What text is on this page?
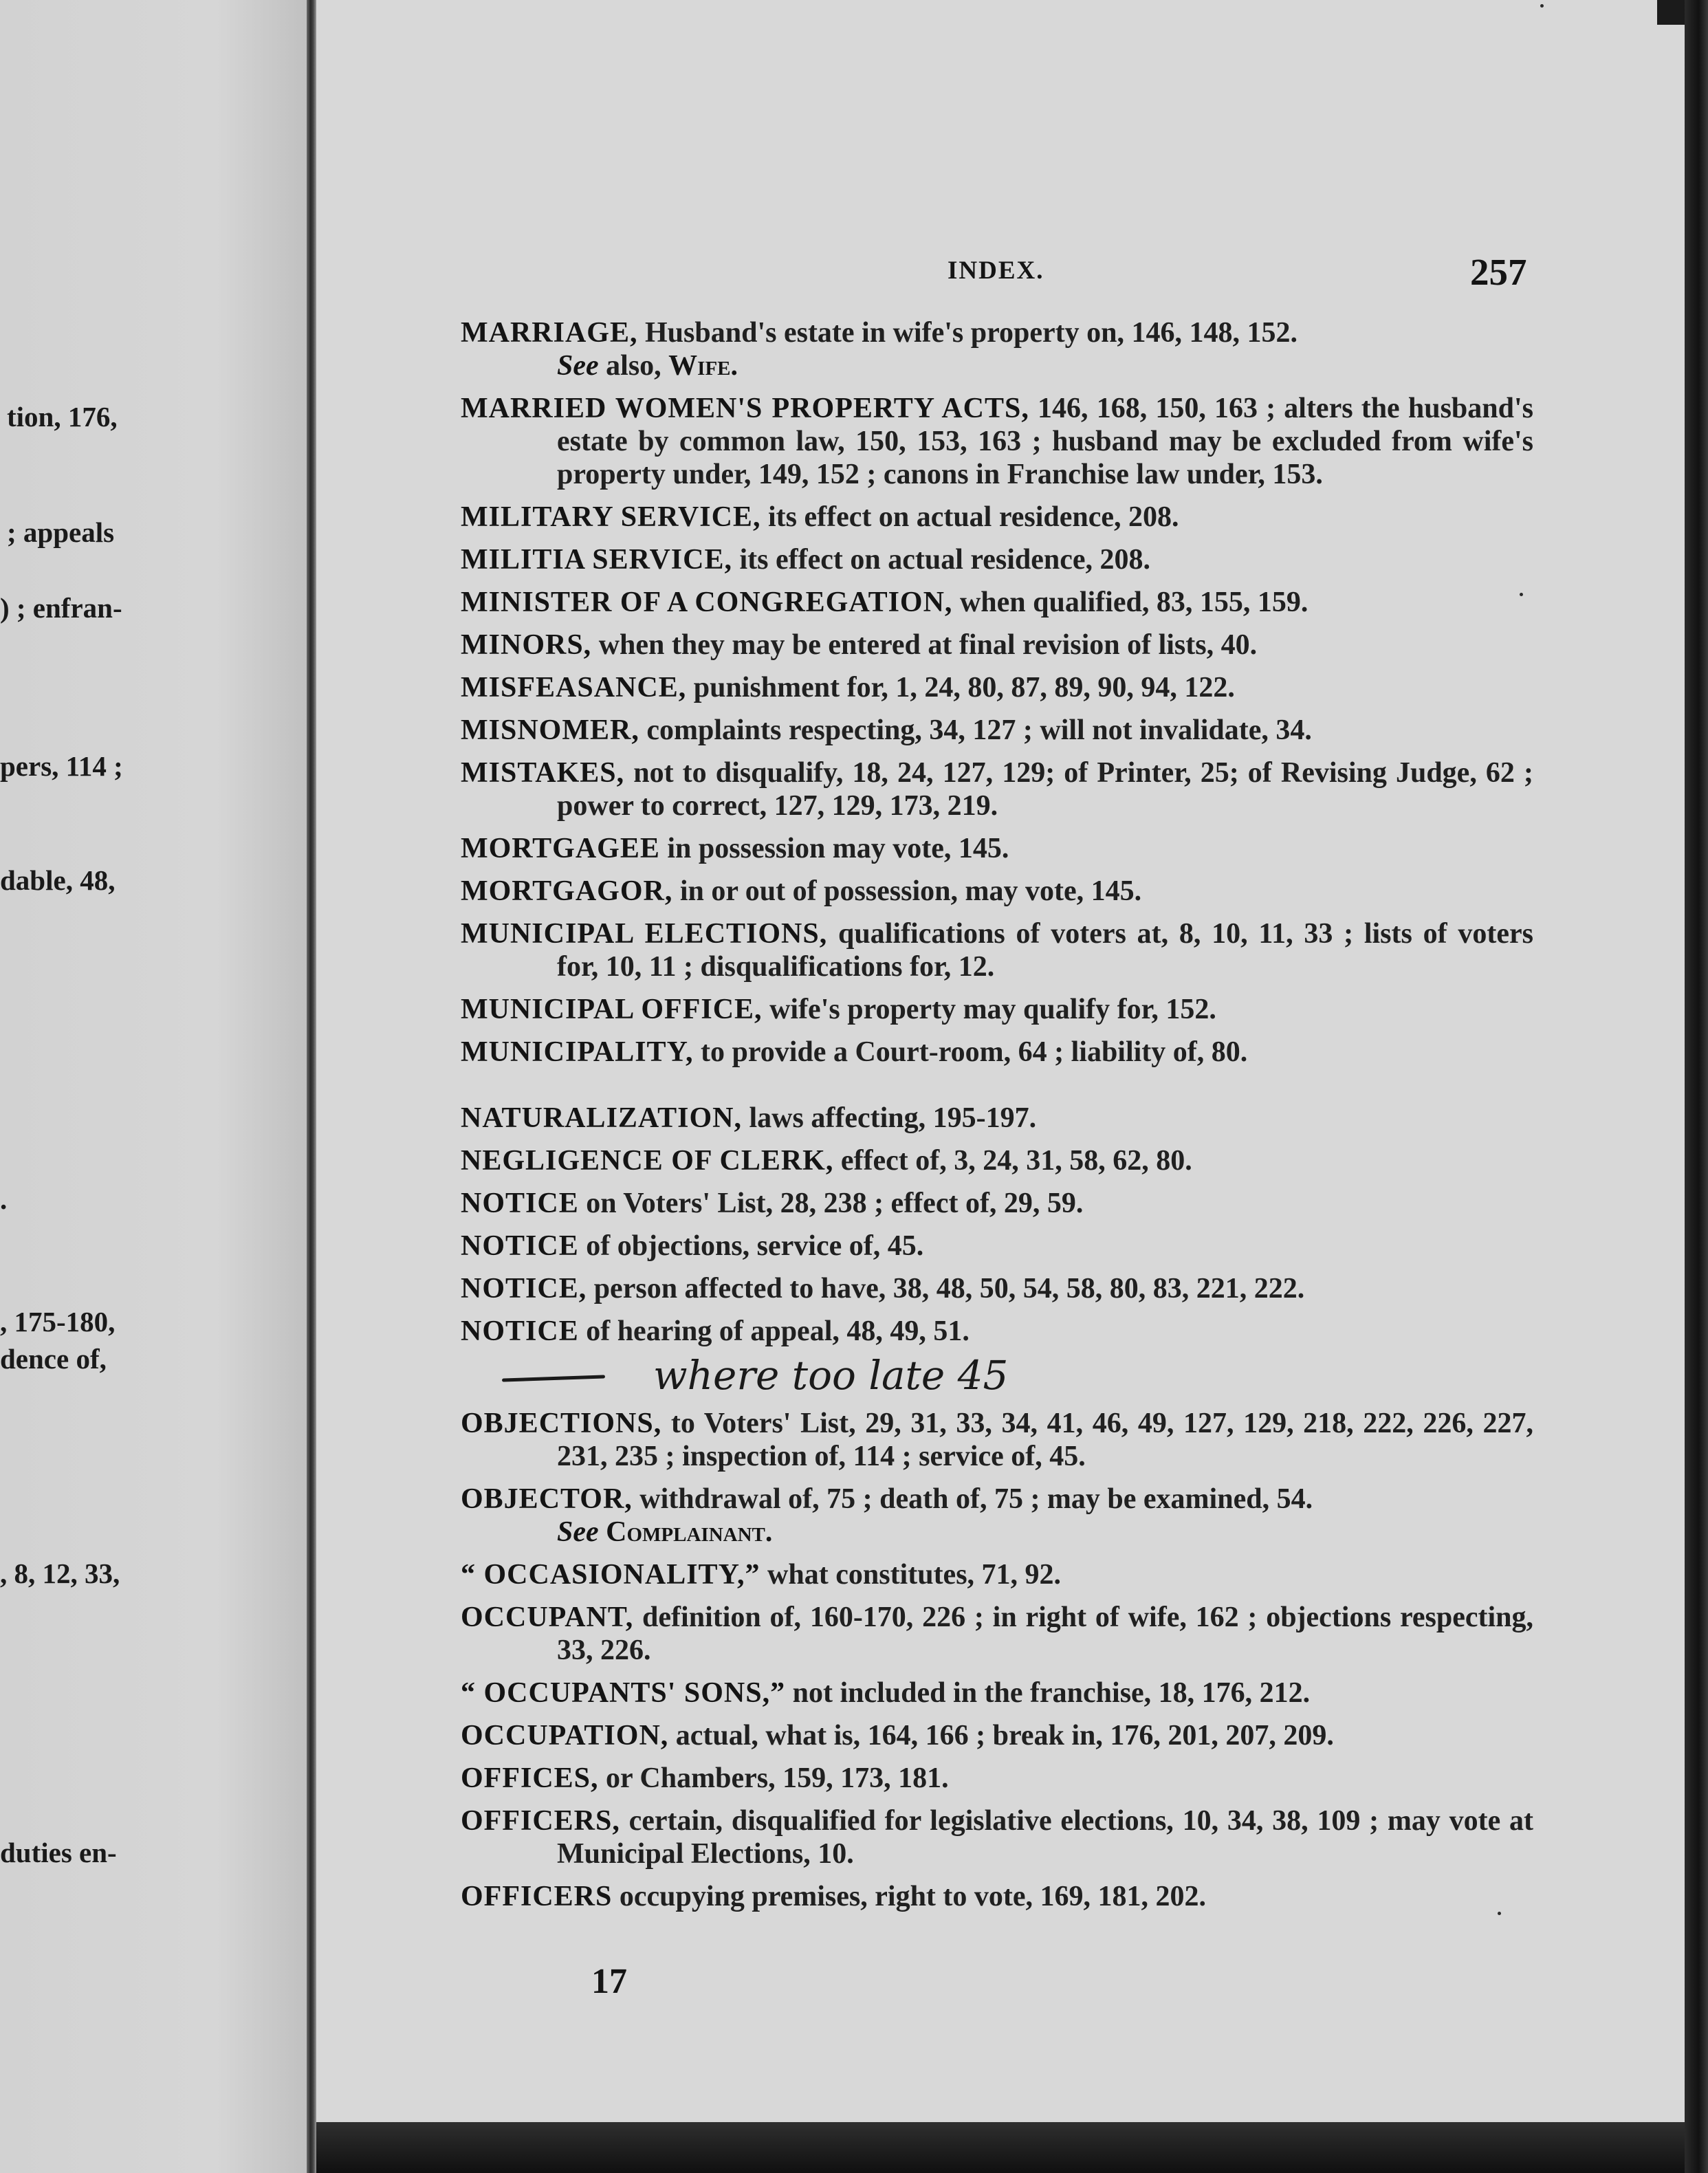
tion, 176,
; appeals
) ; enfran-
pers, 114 ;
dable, 48,
.
, 175-180,
dence of,
, 8, 12, 33,
duties en-
INDEX.	257
MARRIAGE, Husband's estate in wife's property on, 146, 148, 152.
See also, Wife.
MARRIED WOMEN'S PROPERTY ACTS, 146, 168, 150, 163 ; alters the husband's estate by common law, 150, 153, 163 ; husband may be excluded from wife's property under, 149, 152 ; canons in Franchise law under, 153.
MILITARY SERVICE, its effect on actual residence, 208.
MILITIA SERVICE, its effect on actual residence, 208.
MINISTER OF A CONGREGATION, when qualified, 83, 155, 159.
MINORS, when they may be entered at final revision of lists, 40.
MISFEASANCE, punishment for, 1, 24, 80, 87, 89, 90, 94, 122.
MISNOMER, complaints respecting, 34, 127 ; will not invalidate, 34.
MISTAKES, not to disqualify, 18, 24, 127, 129; of Printer, 25; of Revising Judge, 62 ; power to correct, 127, 129, 173, 219.
MORTGAGEE in possession may vote, 145.
MORTGAGOR, in or out of possession, may vote, 145.
MUNICIPAL ELECTIONS, qualifications of voters at, 8, 10, 11, 33 ; lists of voters for, 10, 11 ; disqualifications for, 12.
MUNICIPAL OFFICE, wife's property may qualify for, 152.
MUNICIPALITY, to provide a Court-room, 64 ; liability of, 80.
NATURALIZATION, laws affecting, 195-197.
NEGLIGENCE OF CLERK, effect of, 3, 24, 31, 58, 62, 80.
NOTICE on Voters' List, 28, 238 ; effect of, 29, 59.
NOTICE of objections, service of, 45.
NOTICE, person affected to have, 38, 48, 50, 54, 58, 80, 83, 221, 222.
NOTICE of hearing of appeal, 48, 49, 51.
where too late 45
OBJECTIONS, to Voters' List, 29, 31, 33, 34, 41, 46, 49, 127, 129, 218, 222, 226, 227, 231, 235 ; inspection of, 114 ; service of, 45.
OBJECTOR, withdrawal of, 75 ; death of, 75 ; may be examined, 54.
See Complainant.
“ OCCASIONALITY,” what constitutes, 71, 92.
OCCUPANT, definition of, 160-170, 226 ; in right of wife, 162 ; objections respecting, 33, 226.
“ OCCUPANTS' SONS,” not included in the franchise, 18, 176, 212.
OCCUPATION, actual, what is, 164, 166 ; break in, 176, 201, 207, 209.
OFFICES, or Chambers, 159, 173, 181.
OFFICERS, certain, disqualified for legislative elections, 10, 34, 38, 109 ; may vote at Municipal Elections, 10.
OFFICERS occupying premises, right to vote, 169, 181, 202.
17
